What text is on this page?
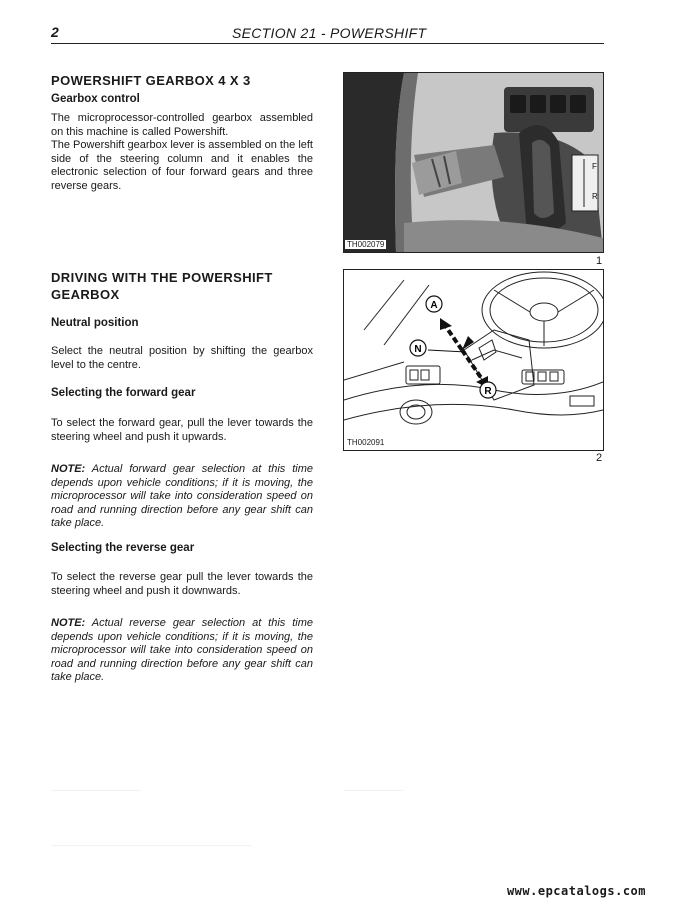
2	SECTION 21 - POWERSHIFT
POWERSHIFT GEARBOX 4 X 3
Gearbox control
The microprocessor-controlled gearbox assembled on this machine is called Powershift.
The Powershift gearbox lever is assembled on the left side of the steering column and it enables the electronic selection of four forward gears and three reverse gears.
F
R
TH002079
1
DRIVING WITH THE POWERSHIFT
GEARBOX
Neutral position
Select the neutral position by shifting the gearbox level to the centre.
Selecting the forward gear
To select the forward gear, pull the lever towards the steering wheel and push it upwards.
NOTE: Actual forward gear selection at this time depends upon vehicle conditions; if it is moving, the microprocessor will take into consideration speed on road and running direction before any gear shift can take place.
Selecting the reverse gear
To select the reverse gear pull the lever towards the steering wheel and push it downwards.
NOTE: Actual reverse gear selection at this time depends upon vehicle conditions; if it is moving, the microprocessor will take into consideration speed on road and running direction before any gear shift can take place.
A
N
R
TH002091
2
www.epcatalogs.com
